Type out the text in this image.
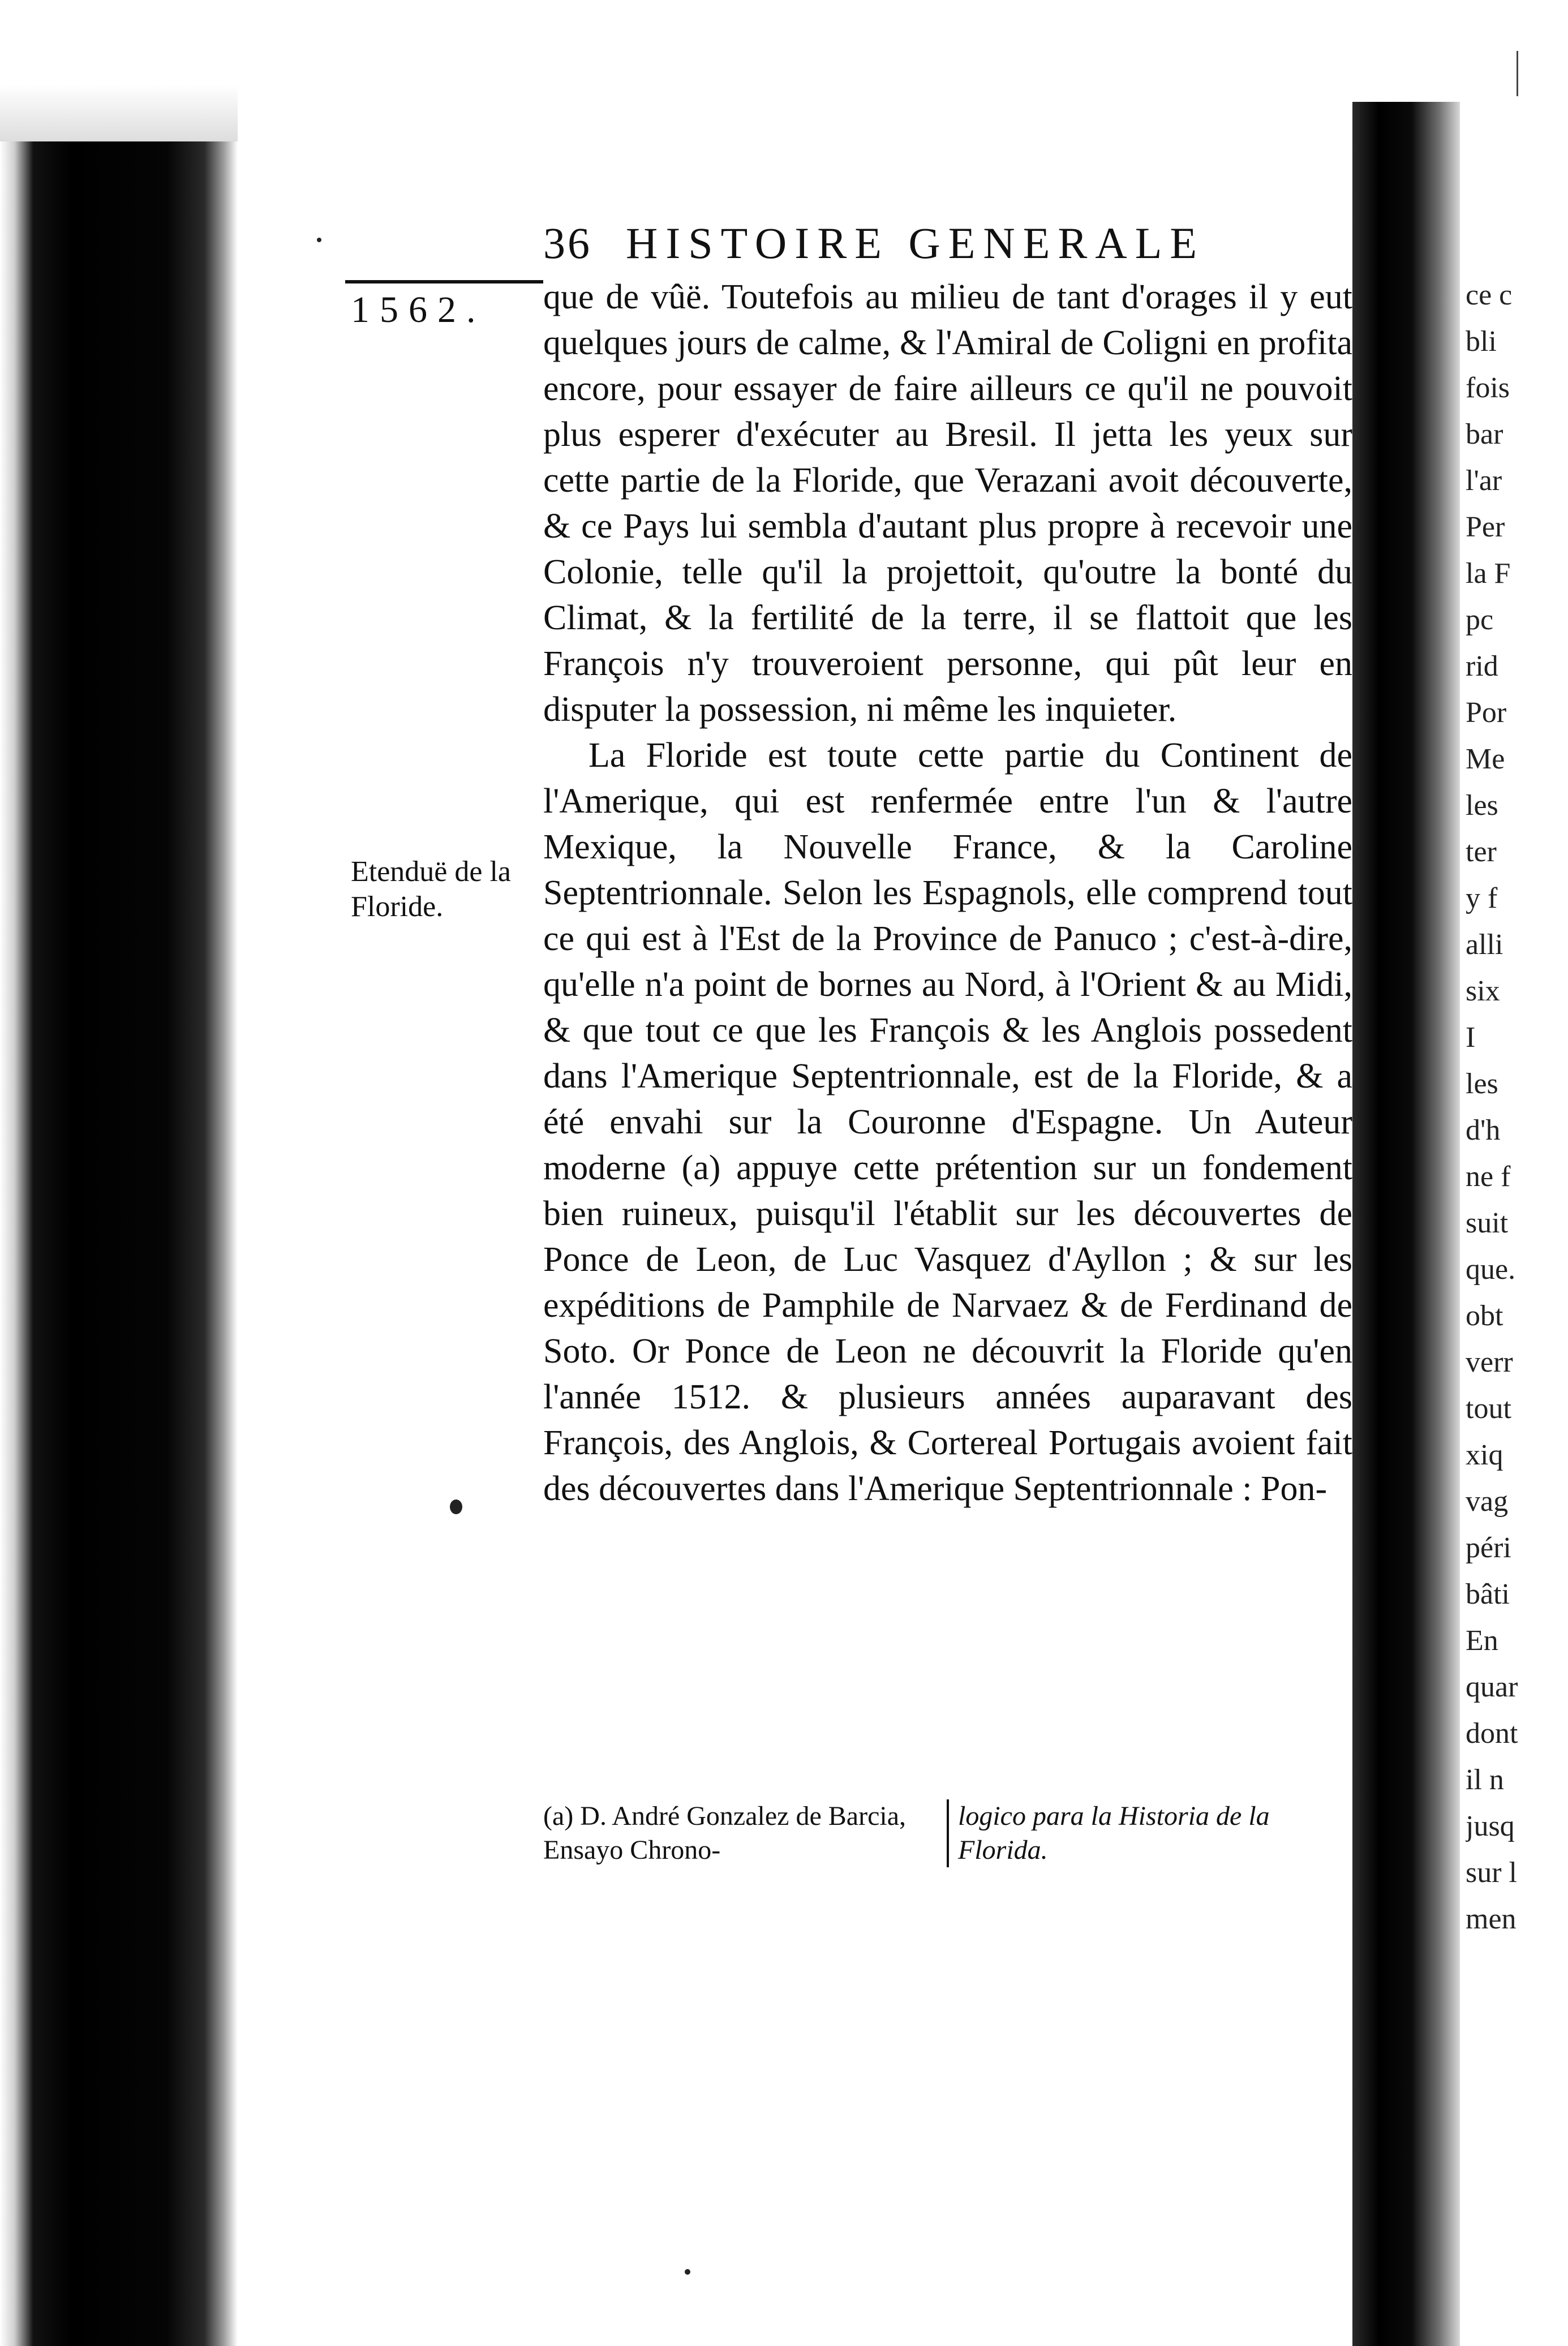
ce c
bli
fois
bar
l'ar
Per
la F
pc
rid
Por
Me
les
ter
y f
alli
six
I
les
d'h
ne f
suit
que.
obt
verr
tout
xiq
vag
péri
bâti
En
quar
dont
il n
jusq
sur l
men
36 HISTOIRE GENERALE
1562.
Etenduë de la Floride.

que de vûë. Toutefois au milieu de tant d'orages il y eut quelques jours de calme, & l'Amiral de Coligni en profita encore, pour essayer de faire ailleurs ce qu'il ne pouvoit plus esperer d'exécuter au Bresil. Il jetta les yeux sur cette partie de la Floride, que Verazani avoit découverte, & ce Pays lui sembla d'autant plus propre à recevoir une Colonie, telle qu'il la projettoit, qu'outre la bonté du Climat, & la fertilité de la terre, il se flattoit que les François n'y trouveroient personne, qui pût leur en disputer la possession, ni même les inquieter.

La Floride est toute cette partie du Continent de l'Amerique, qui est renfermée entre l'un & l'autre Mexique, la Nouvelle France, & la Caroline Septentrionnale. Selon les Espagnols, elle comprend tout ce qui est à l'Est de la Province de Panuco ; c'est-à-dire, qu'elle n'a point de bornes au Nord, à l'Orient & au Midi, & que tout ce que les François & les Anglois possedent dans l'Amerique Septentrionnale, est de la Floride, & a été envahi sur la Couronne d'Espagne. Un Auteur moderne (a) appuye cette prétention sur un fondement bien ruineux, puisqu'il l'établit sur les découvertes de Ponce de Leon, de Luc Vasquez d'Ayllon ; & sur les expéditions de Pamphile de Narvaez & de Ferdinand de Soto. Or Ponce de Leon ne découvrit la Floride qu'en l'année 1512. & plusieurs années auparavant des François, des Anglois, & Cortereal Portugais avoient fait des découvertes dans l'Amerique Septentrionnale : Pon-

(a) D. André Gonzalez de Barcia, Ensayo Chrono-
logico para la Historia de la Florida.
